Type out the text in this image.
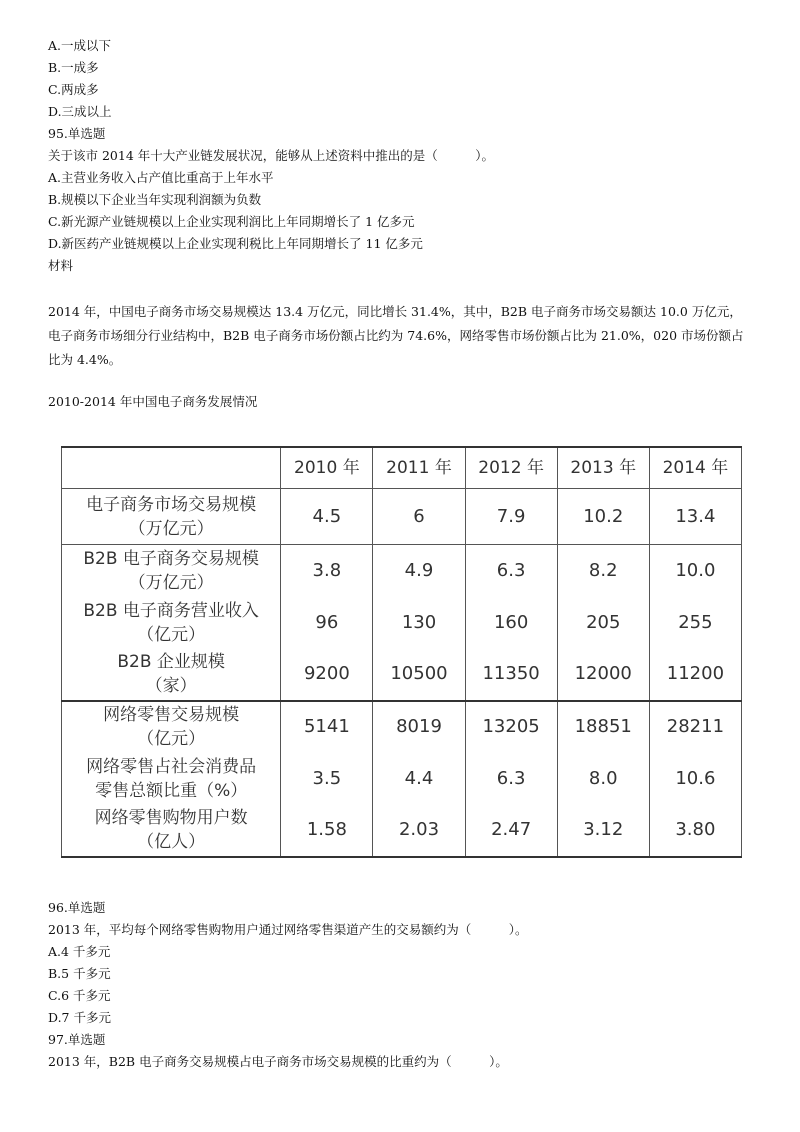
A.一成以下
B.一成多
C.两成多
D.三成以上
95.单选题
关于该市 2014 年十大产业链发展状况，能够从上述资料中推出的是（　　　）。
A.主营业务收入占产值比重高于上年水平
B.规模以下企业当年实现利润额为负数
C.新光源产业链规模以上企业实现利润比上年同期增长了 1 亿多元
D.新医药产业链规模以上企业实现利税比上年同期增长了 11 亿多元
材料
2014 年，中国电子商务市场交易规模达 13.4 万亿元，同比增长 31.4%，其中，B2B 电子商务市场交易额达 10.0 万亿元，电子商务市场细分行业结构中，B2B 电子商务市场份额占比约为 74.6%，网络零售市场份额占比为 21.0%，020 市场份额占比为 4.4%。
2010-2014 年中国电子商务发展情况
	2010 年	2011 年	2012 年	2013 年	2014 年

电子商务市场交易规模
（万亿元）	4.5	6	7.9	10.2	13.4

B2B 电子商务交易规模
（万亿元）	3.8	4.9	6.3	8.2	10.0

B2B 电子商务营业收入
（亿元）	96	130	160	205	255

B2B 企业规模
（家）	9200	10500	11350	12000	11200

网络零售交易规模
（亿元）	5141	8019	13205	18851	28211

网络零售占社会消费品
零售总额比重（%）	3.5	4.4	6.3	8.0	10.6

网络零售购物用户数
（亿人）	1.58	2.03	2.47	3.12	3.80
96.单选题
2013 年，平均每个网络零售购物用户通过网络零售渠道产生的交易额约为（　　　）。
A.4 千多元
B.5 千多元
C.6 千多元
D.7 千多元
97.单选题
2013 年，B2B 电子商务交易规模占电子商务市场交易规模的比重约为（　　　）。
